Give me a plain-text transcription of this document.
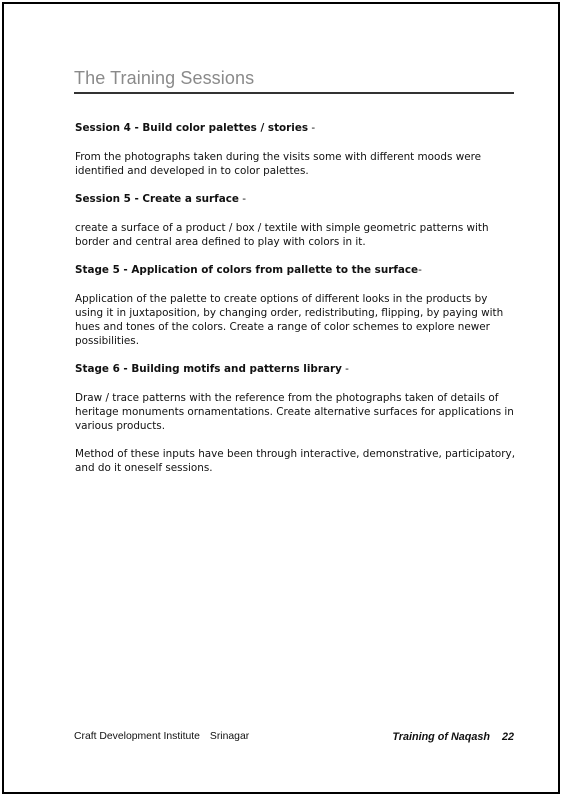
The Training Sessions

Session 4 - Build color palettes / stories -

From the photographs taken during the visits some with different moods were identified and developed in to color palettes.

Session 5 - Create a surface -

create a surface of a product / box / textile with simple geometric patterns with border and central area defined to play with colors in it.

Stage 5 - Application of colors from pallette to the surface-

Application of the palette to create options of different looks in the products by using it in juxtaposition, by changing order, redistributing, flipping, by paying with hues and tones of the colors. Create a range of color schemes to explore newer possibilities.

Stage 6 - Building motifs and patterns library -

Draw / trace patterns with the reference from the photographs taken of details of heritage monuments ornamentations. Create alternative surfaces for applications in various products.

Method of these inputs have been through interactive, demonstrative, participatory, and do it oneself sessions.

Craft Development Institute Srinagar	Training of Naqash 22
